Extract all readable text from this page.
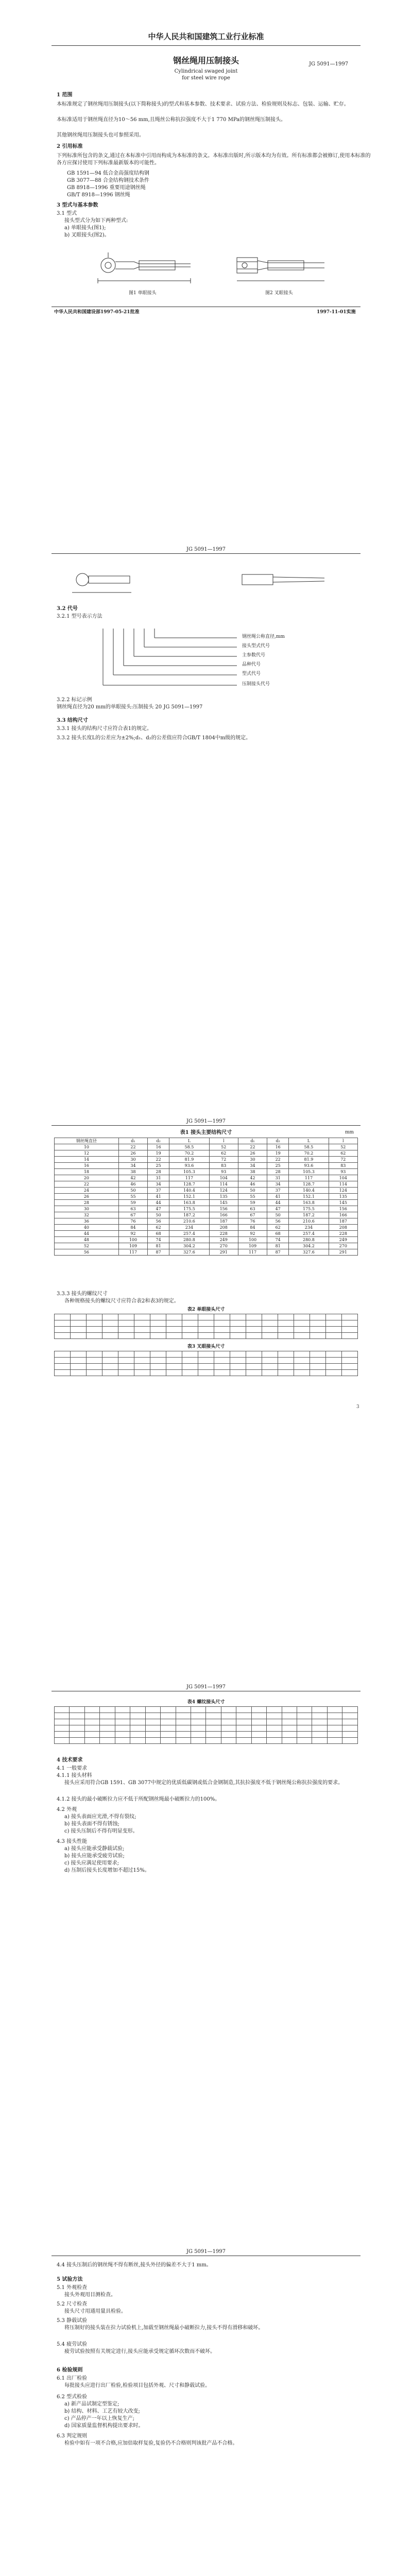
中华人民共和国建筑工业行业标准
钢丝绳用压制接头
Cylindrical swaged joint
for steel wire rope
JG 5091—1997
1 范围
本标准规定了钢丝绳用压制接头(以下简称接头)的型式和基本参数、技术要求、试验方法、检验规则及标志、包装、运输、贮存。
本标准适用于钢丝绳直径为10～56 mm,且绳丝公称抗拉强度不大于1 770 MPa的钢丝绳压制接头。
其他钢丝绳用压制接头也可参照采用。
2 引用标准
下列标准所包含的条文,通过在本标准中引用而构成为本标准的条文。本标准出版时,所示版本均为有效。所有标准都会被修订,使用本标准的各方应探讨使用下列标准最新版本的可能性。
GB 1591—94 低合金高强度结构钢
GB 3077—88 合金结构钢技术条件
GB 8918—1996 重要用途钢丝绳
GB/T 8918—1996 钢丝绳
3 型式与基本参数
3.1 型式
接头型式分为如下两种型式:
a) 单眼接头(图1);
b) 叉眼接头(图2)。
图1 单眼接头	图2 叉眼接头
中华人民共和国建设部1997-05-21批准	1997-11-01实施
JG 5091—1997
3.2 代号
3.2.1 型号表示方法
钢丝绳公称直径,mm
接头型式代号
主参数代号
品种代号
型式代号
压制接头代号
3.2.2 标记示例
钢丝绳直径为20 mm的单眼接头:压制接头 20 JG 5091—1997
3.3 结构尺寸
3.3.1 接头的结构尺寸应符合表1的规定。
3.3.2 接头长度L的公差应为±2%;d₁、d₂的公差值应符合GB/T 1804中m级的规定。
JG 5091—1997
表1 接头主要结构尺寸	mm
钢丝绳直径	d₁	d₂	L	l	d₁	d₂	L	l
10	22	16	58.5	52	22	16	58.5	52
12	26	19	70.2	62	26	19	70.2	62
14	30	22	81.9	72	30	22	81.9	72
16	34	25	93.6	83	34	25	93.6	83
18	38	28	105.3	93	38	28	105.3	93
20	42	31	117	104	42	31	117	104
22	46	34	128.7	114	46	34	128.7	114
24	50	37	140.4	124	50	37	140.4	124
26	55	41	152.1	135	55	41	152.1	135
28	59	44	163.8	145	59	44	163.8	145
30	63	47	175.5	156	63	47	175.5	156
32	67	50	187.2	166	67	50	187.2	166
36	76	56	210.6	187	76	56	210.6	187
40	84	62	234	208	84	62	234	208
44	92	68	257.4	228	92	68	257.4	228
48	100	74	280.8	249	100	74	280.8	249
52	109	81	304.2	270	109	81	304.2	270
56	117	87	327.6	291	117	87	327.6	291
3.3.3 接头的螺纹尺寸
各种规格接头的螺纹尺寸应符合表2和表3的规定。
表2 单眼接头尺寸

表3 叉眼接头尺寸

3
JG 5091—1997
表4 螺纹接头尺寸

4 技术要求
4.1 一般要求
4.1.1 接头材料
接头应采用符合GB 1591、GB 3077中规定的优质低碳钢或低合金钢制造,其抗拉强度不低于钢丝绳公称抗拉强度的要求。
4.1.2 接头的最小破断拉力应不低于所配钢丝绳最小破断拉力的100%。
4.2 外观
a) 接头表面应光滑,不得有裂纹;
b) 接头表面不得有锈蚀;
c) 接头压制后不得有明显变形。
4.3 接头性能
a) 接头应能承受静载试验;
b) 接头应能承受疲劳试验;
c) 接头应满足使用要求;
d) 压制后接头长度增加不超过15%。
JG 5091—1997
4.4 接头压制后的钢丝绳不得有断丝,接头外径的偏差不大于1 mm。
5 试验方法
5.1 外观检查
接头外观用目测检查。
5.2 尺寸检查
接头尺寸用通用量具检验。
5.3 静载试验
将压制好的接头装在拉力试验机上,加载至钢丝绳最小破断拉力,接头不得有滑移和破坏。
5.4 疲劳试验
疲劳试验按照有关规定进行,接头应能承受规定循环次数而不破坏。
6 检验规则
6.1 出厂检验
每批接头应进行出厂检验,检验项目包括外观、尺寸和静载试验。
6.2 型式检验
a) 新产品试制定型鉴定;
b) 结构、材料、工艺有较大改变;
c) 产品停产一年以上恢复生产;
d) 国家质量监督机构提出要求时。
6.3 判定规则
检验中如有一项不合格,应加倍取样复验,复验仍不合格则判该批产品不合格。
